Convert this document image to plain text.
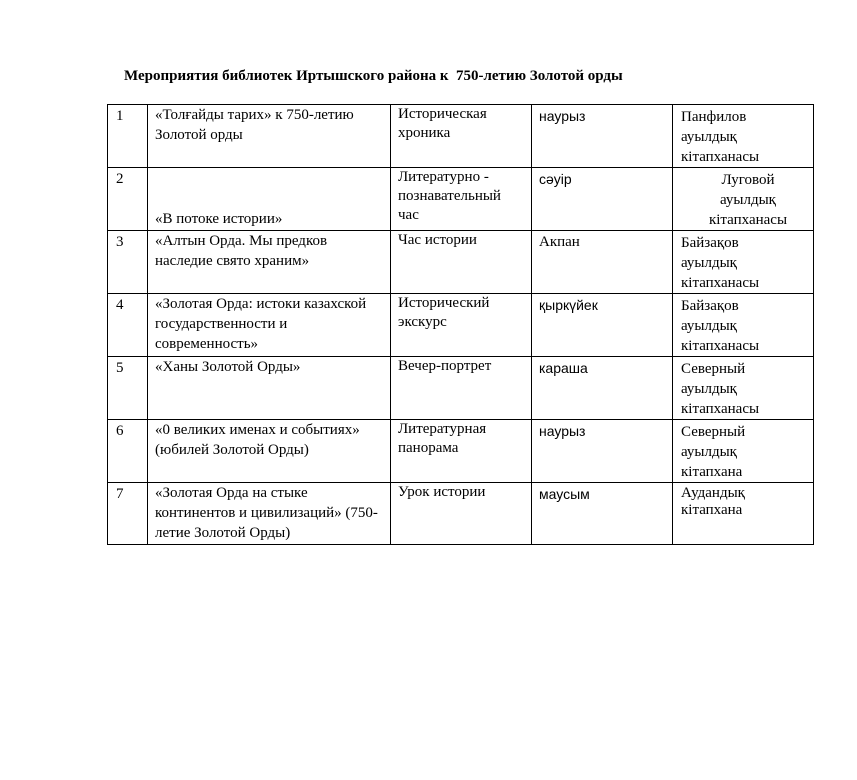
Мероприятия библиотек Иртышского района к  750-летию Золотой орды
1	«Толғайды тарих» к 750-летию Золотой орды	Историческая хроника	наурыз	Панфилов
ауылдық
кітапханасы

2	«В потоке истории»	Литературно - познавательный час	сәуір	Луговой
ауылдық
кітапханасы

3	«Алтын Орда. Мы предков наследие свято храним»	Час истории	Акпан	Байзақов
ауылдық
кітапханасы

4	«Золотая Орда: истоки казахской государственности и современность»	Исторический экскурс	қыркүйек	Байзақов
ауылдық
кітапханасы

5	«Ханы Золотой Орды»	Вечер-портрет	караша	Северный
ауылдық
кітапханасы

6	«0 великих именах и событиях» (юбилей Золотой Орды)	Литературная панорама	наурыз	Северный
ауылдық
кітапхана

7	«Золотая Орда на стыке континентов и цивилизаций» (750- летие Золотой Орды)	Урок истории	маусым	Аудандық
кітапхана
